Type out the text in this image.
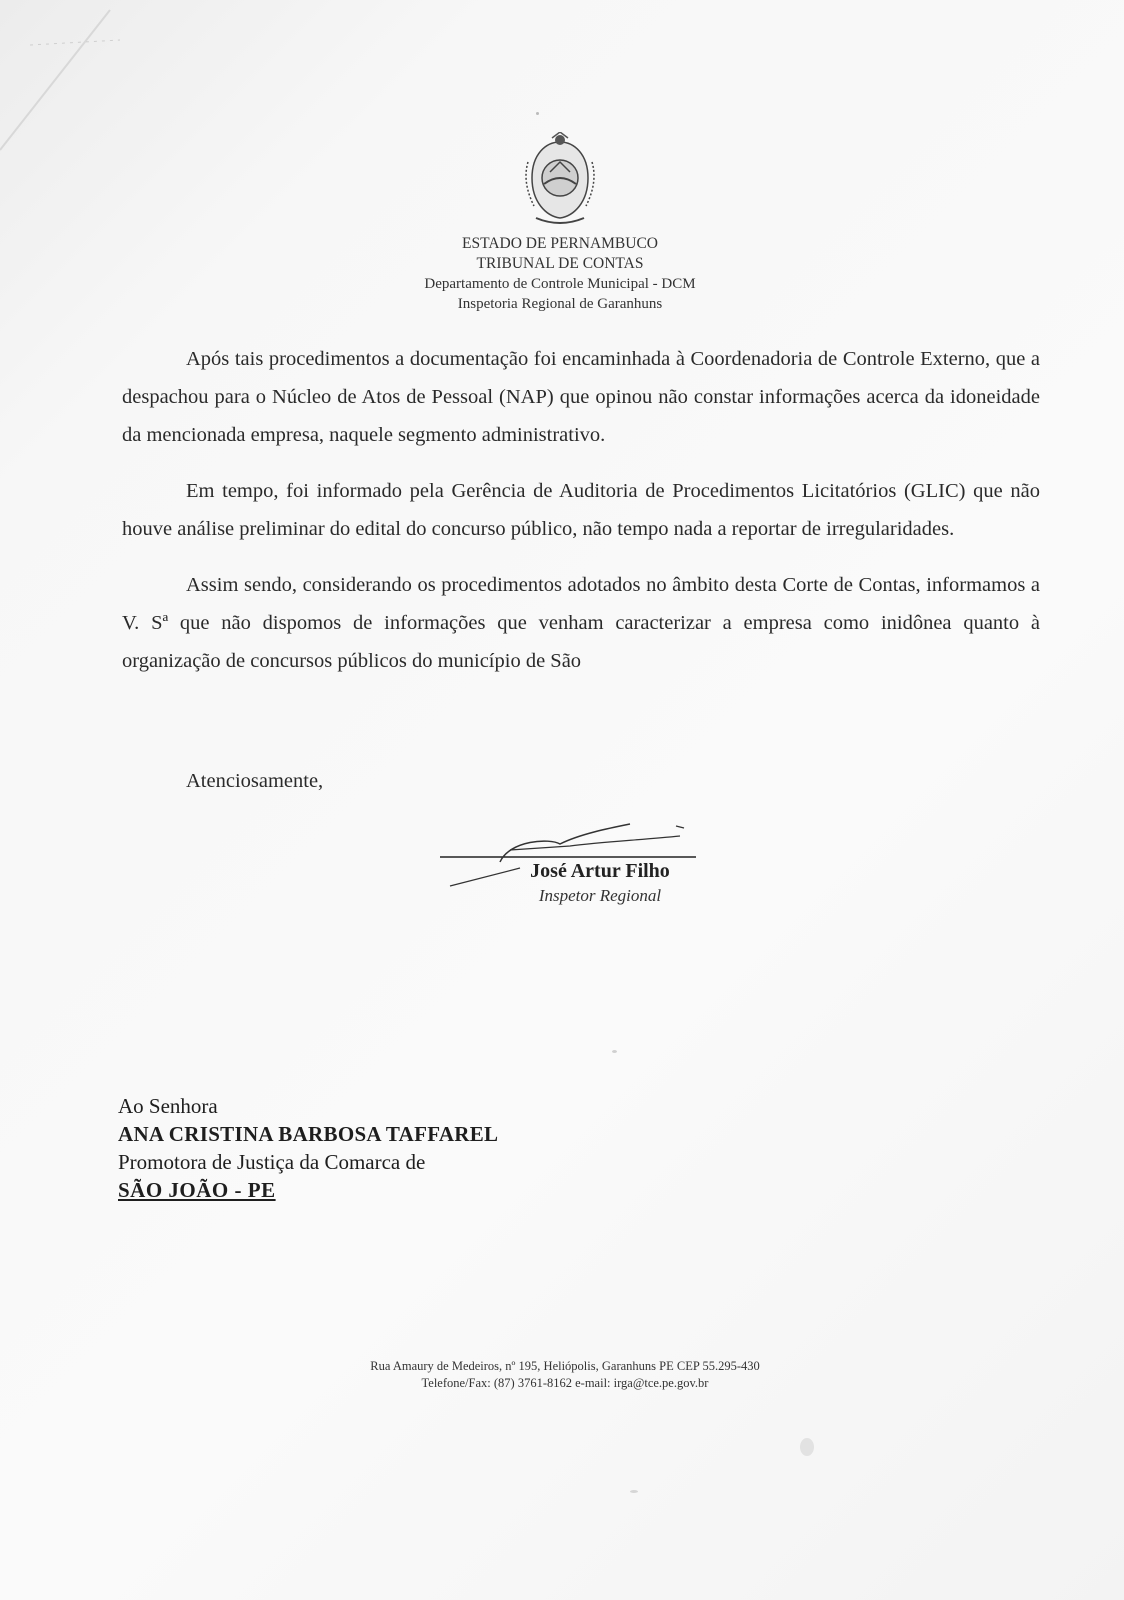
ESTADO DE PERNAMBUCO
TRIBUNAL DE CONTAS
Departamento de Controle Municipal - DCM
Inspetoria Regional de Garanhuns

Após tais procedimentos a documentação foi encaminhada à Coordenadoria de Controle Externo, que a despachou para o Núcleo de Atos de Pessoal (NAP) que opinou não constar informações acerca da idoneidade da mencionada empresa, naquele segmento administrativo.

Em tempo, foi informado pela Gerência de Auditoria de Procedimentos Licitatórios (GLIC) que não houve análise preliminar do edital do concurso público, não tempo nada a reportar de irregularidades.

Assim sendo, considerando os procedimentos adotados no âmbito desta Corte de Contas, informamos a V. Sª que não dispomos de informações que venham caracterizar a empresa como inidônea quanto à organização de concursos públicos do município de São

Atenciosamente,
José Artur Filho
Inspetor Regional
Ao Senhora
ANA CRISTINA BARBOSA TAFFAREL
Promotora de Justiça da Comarca de
SÃO JOÃO - PE
Rua Amaury de Medeiros, nº 195, Heliópolis, Garanhuns PE CEP 55.295-430
Telefone/Fax: (87) 3761-8162 e-mail: irga@tce.pe.gov.br
